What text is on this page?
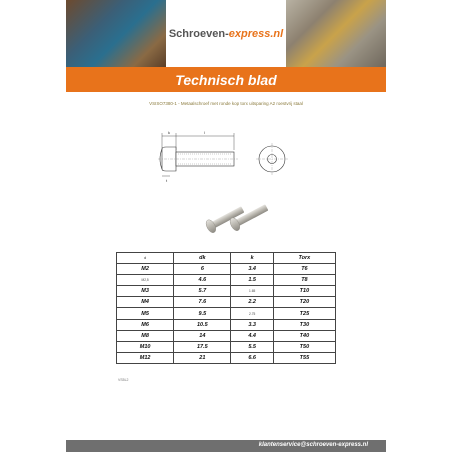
Schroeven-express.nl
Technisch blad
VSISO7380-1 - Metaalschroef met ronde kop torx uitsparing A2 roestvrij staal
k	l
t
d	dk	k	Torx
M2	6	3.4	T6
M2,5	4.6	1.5	T8
M3	5.7	1.65	T10
M4	7.6	2.2	T20
M5	9.5	2.75	T25
M6	10.5	3.3	T30
M8	14	4.4	T40
M10	17.5	5.5	T50
M12	21	6.6	T55
VS5L2
klantenservice@schroeven-express.nl
